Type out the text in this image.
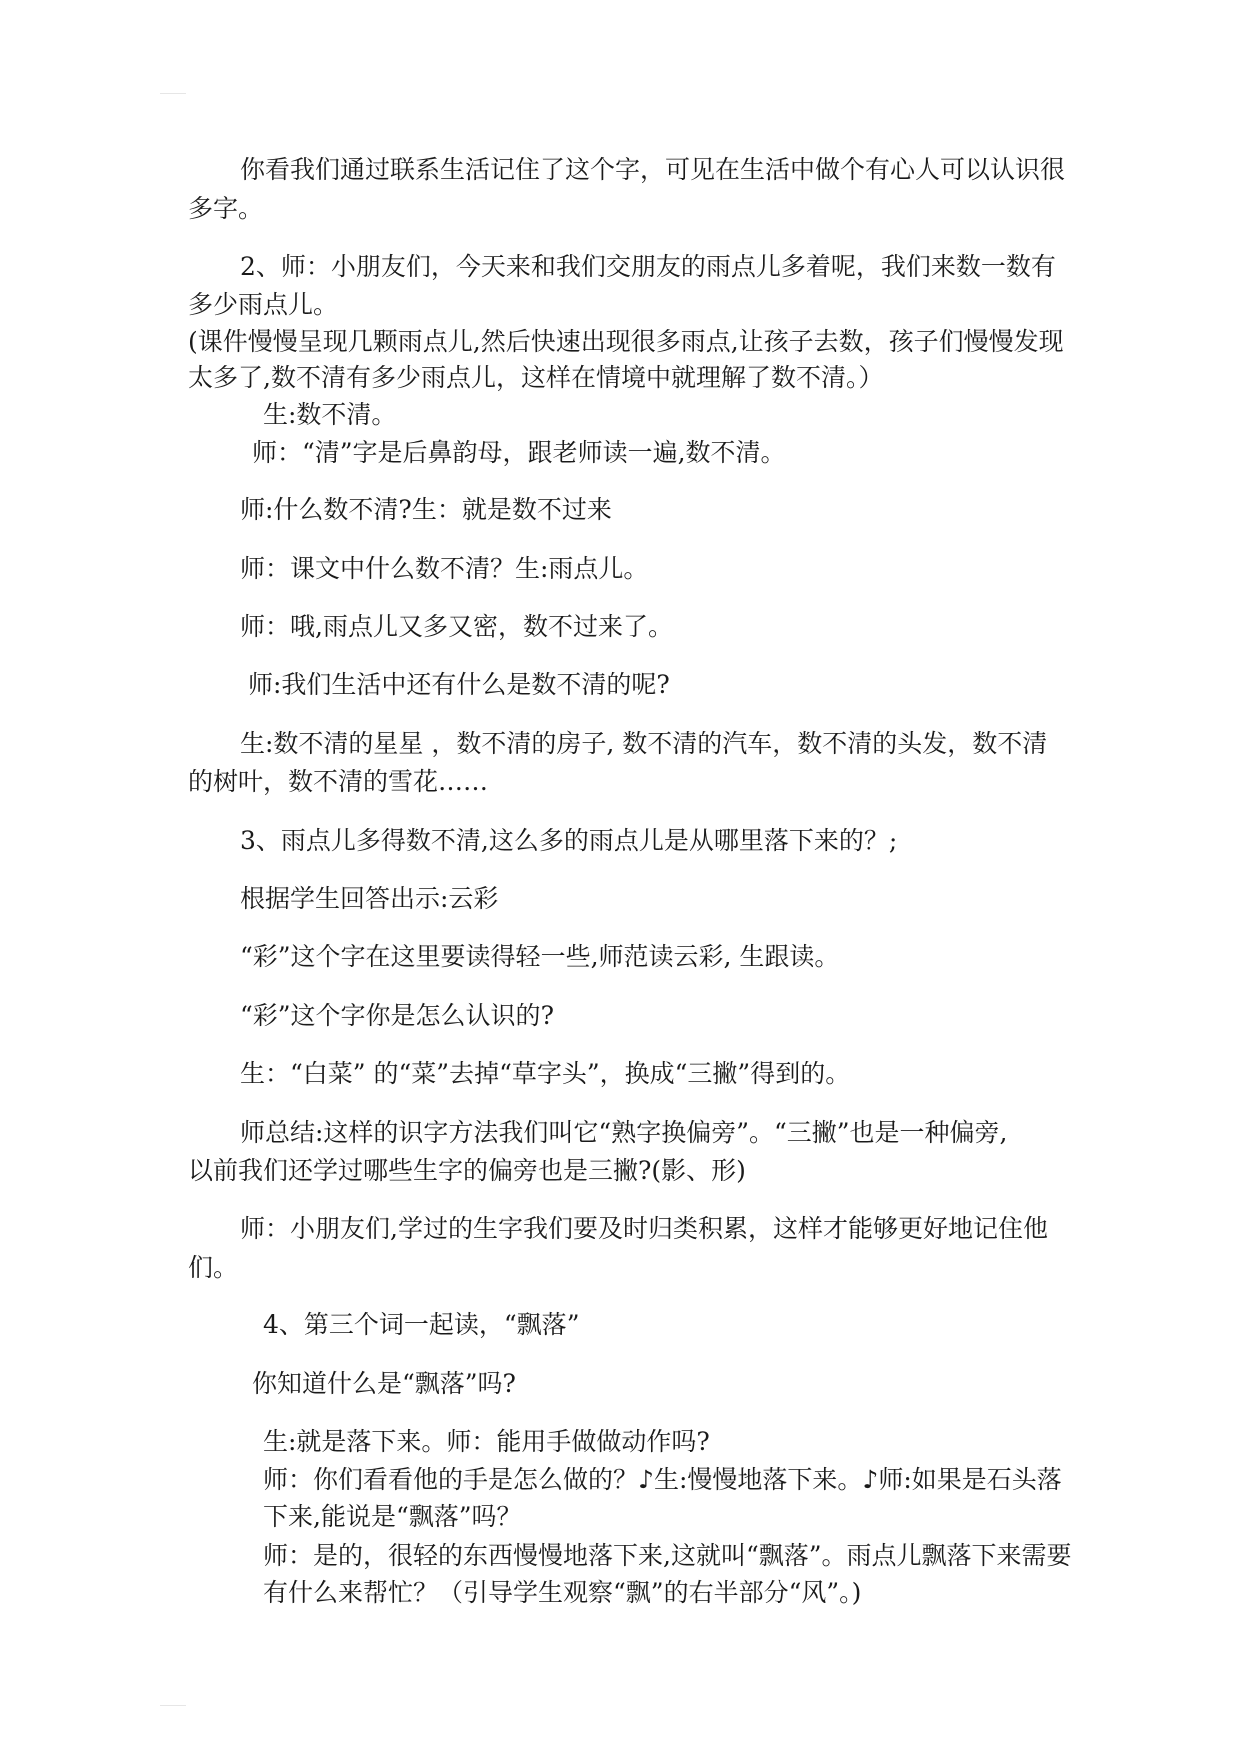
你看我们通过联系生活记住了这个字，可见在生活中做个有心人可以认识很
多字。
2、师：小朋友们，今天来和我们交朋友的雨点儿多着呢，我们来数一数有
多少雨点儿。
(课件慢慢呈现几颗雨点儿,然后快速出现很多雨点,让孩子去数，孩子们慢慢发现
太多了,数不清有多少雨点儿，这样在情境中就理解了数不清。）
生:数不清。
师：“清”字是后鼻韵母，跟老师读一遍,数不清。
师:什么数不清?生：就是数不过来
师：课文中什么数不清？生:雨点儿。
师：哦,雨点儿又多又密，数不过来了。
师:我们生活中还有什么是数不清的呢?
生:数不清的星星 ，数不清的房子, 数不清的汽车，数不清的头发，数不清
的树叶，数不清的雪花……
3、雨点儿多得数不清,这么多的雨点儿是从哪里落下来的？;
根据学生回答出示:云彩
“彩”这个字在这里要读得轻一些,师范读云彩, 生跟读。
“彩”这个字你是怎么认识的?
生：“白菜” 的“菜”去掉“草字头”，换成“三撇”得到的。
师总结:这样的识字方法我们叫它“熟字换偏旁”。“三撇”也是一种偏旁,
以前我们还学过哪些生字的偏旁也是三撇?(影、形)
师：小朋友们,学过的生字我们要及时归类积累，这样才能够更好地记住他
们。
4、第三个词一起读，“飘落”
你知道什么是“飘落”吗?
生:就是落下来。师：能用手做做动作吗?
师：你们看看他的手是怎么做的？♪生:慢慢地落下来。♪师:如果是石头落
下来,能说是“飘落”吗？
师：是的，很轻的东西慢慢地落下来,这就叫“飘落”。雨点儿飘落下来需要
有什么来帮忙？（引导学生观察“飘”的右半部分“风”。)
